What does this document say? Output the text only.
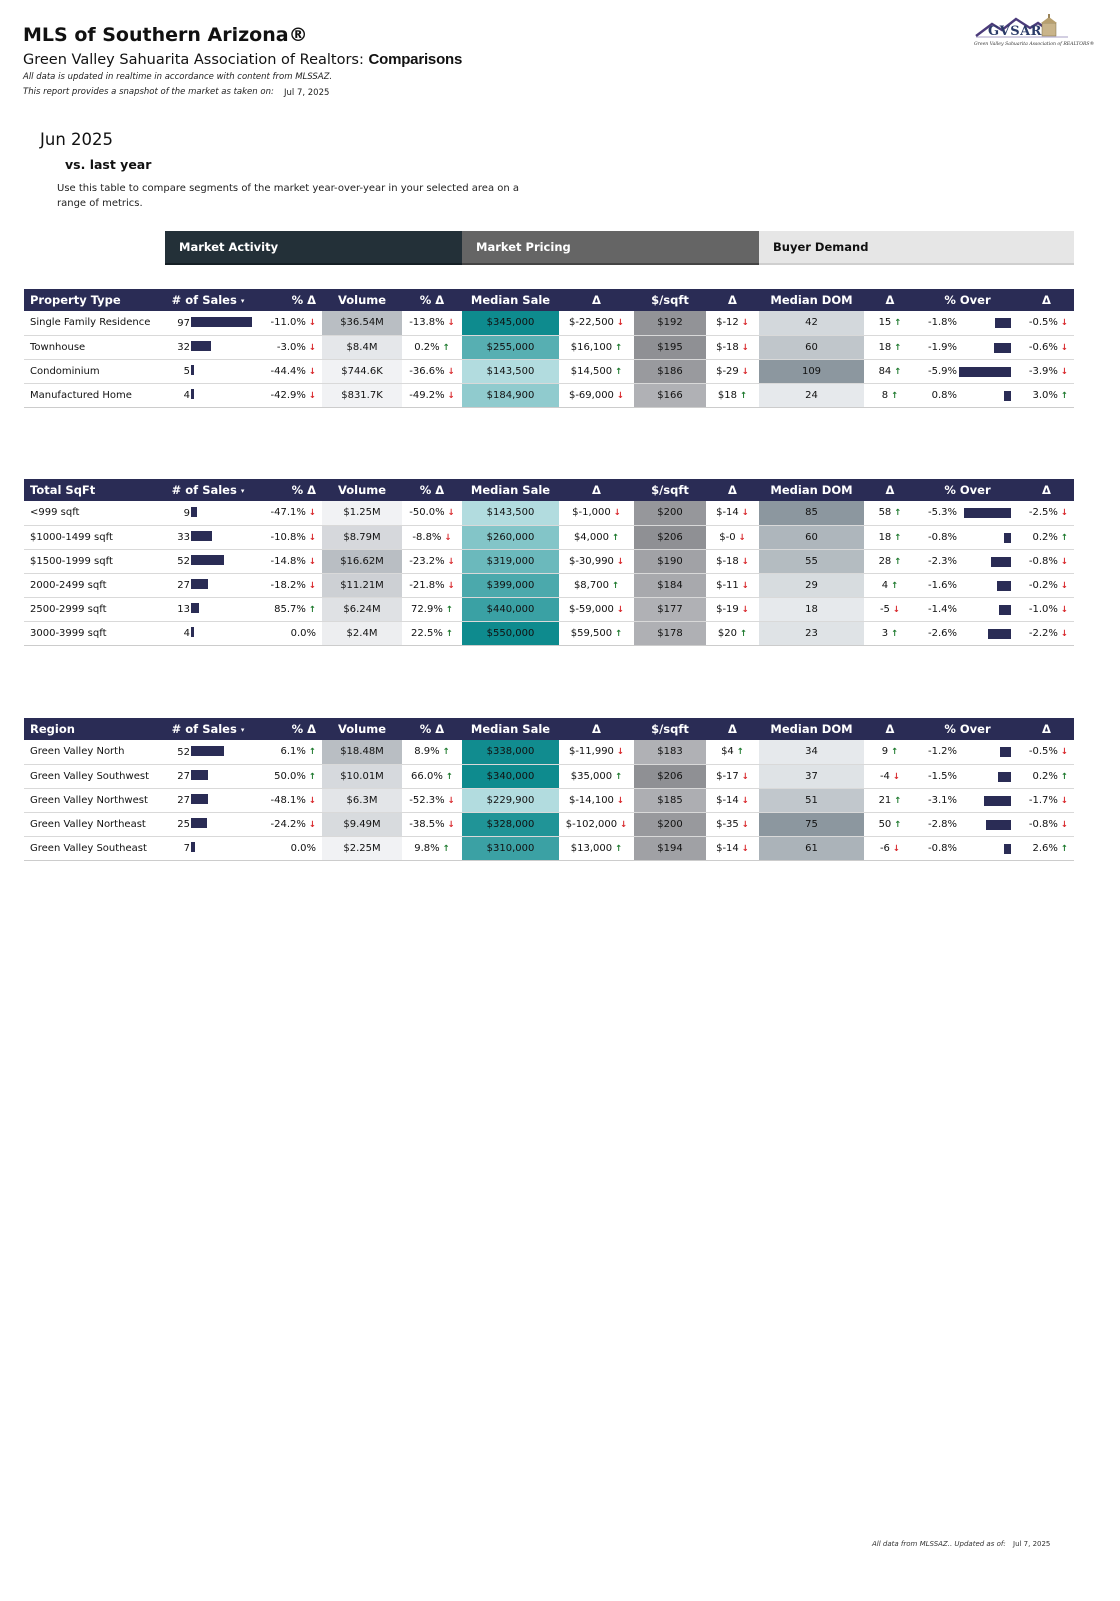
MLS of Southern Arizona®
Green Valley Sahuarita Association of Realtors: Comparisons
All data is updated in realtime in accordance with content from MLSSAZ.
This report provides a snapshot of the market as taken on: Jul 7, 2025
GVSAR
Green Valley Sahuarita Association of REALTORS®
Jun 2025
vs. last year
Use this table to compare segments of the market year-over-year in your selected area on a range of metrics.
Market Activity	Market Pricing	Buyer Demand
Property Type	# of Sales ▾	% Δ	Volume	% Δ	Median Sale	Δ	$/sqft	Δ	Median DOM	Δ	% Over	Δ
Single Family Residence	97	-11.0% ↓	$36.54M	-13.8% ↓	$345,000	$-22,500 ↓	$192	$-12 ↓	42	15 ↑	-1.8%	-0.5% ↓
Townhouse	32	-3.0% ↓	$8.4M	0.2% ↑	$255,000	$16,100 ↑	$195	$-18 ↓	60	18 ↑	-1.9%	-0.6% ↓
Condominium	5	-44.4% ↓	$744.6K	-36.6% ↓	$143,500	$14,500 ↑	$186	$-29 ↓	109	84 ↑	-5.9%	-3.9% ↓
Manufactured Home	4	-42.9% ↓	$831.7K	-49.2% ↓	$184,900	$-69,000 ↓	$166	$18 ↑	24	8 ↑	0.8%	3.0% ↑
Total SqFt	# of Sales ▾	% Δ	Volume	% Δ	Median Sale	Δ	$/sqft	Δ	Median DOM	Δ	% Over	Δ
<999 sqft	9	-47.1% ↓	$1.25M	-50.0% ↓	$143,500	$-1,000 ↓	$200	$-14 ↓	85	58 ↑	-5.3%	-2.5% ↓
$1000-1499 sqft	33	-10.8% ↓	$8.79M	-8.8% ↓	$260,000	$4,000 ↑	$206	$-0 ↓	60	18 ↑	-0.8%	0.2% ↑
$1500-1999 sqft	52	-14.8% ↓	$16.62M	-23.2% ↓	$319,000	$-30,990 ↓	$190	$-18 ↓	55	28 ↑	-2.3%	-0.8% ↓
2000-2499 sqft	27	-18.2% ↓	$11.21M	-21.8% ↓	$399,000	$8,700 ↑	$184	$-11 ↓	29	4 ↑	-1.6%	-0.2% ↓
2500-2999 sqft	13	85.7% ↑	$6.24M	72.9% ↑	$440,000	$-59,000 ↓	$177	$-19 ↓	18	-5 ↓	-1.4%	-1.0% ↓
3000-3999 sqft	4	0.0%	$2.4M	22.5% ↑	$550,000	$59,500 ↑	$178	$20 ↑	23	3 ↑	-2.6%	-2.2% ↓
Region	# of Sales ▾	% Δ	Volume	% Δ	Median Sale	Δ	$/sqft	Δ	Median DOM	Δ	% Over	Δ
Green Valley North	52	6.1% ↑	$18.48M	8.9% ↑	$338,000	$-11,990 ↓	$183	$4 ↑	34	9 ↑	-1.2%	-0.5% ↓
Green Valley Southwest	27	50.0% ↑	$10.01M	66.0% ↑	$340,000	$35,000 ↑	$206	$-17 ↓	37	-4 ↓	-1.5%	0.2% ↑
Green Valley Northwest	27	-48.1% ↓	$6.3M	-52.3% ↓	$229,900	$-14,100 ↓	$185	$-14 ↓	51	21 ↑	-3.1%	-1.7% ↓
Green Valley Northeast	25	-24.2% ↓	$9.49M	-38.5% ↓	$328,000	$-102,000 ↓	$200	$-35 ↓	75	50 ↑	-2.8%	-0.8% ↓
Green Valley Southeast	7	0.0%	$2.25M	9.8% ↑	$310,000	$13,000 ↑	$194	$-14 ↓	61	-6 ↓	-0.8%	2.6% ↑
All data from MLSSAZ.. Updated as of: Jul 7, 2025
